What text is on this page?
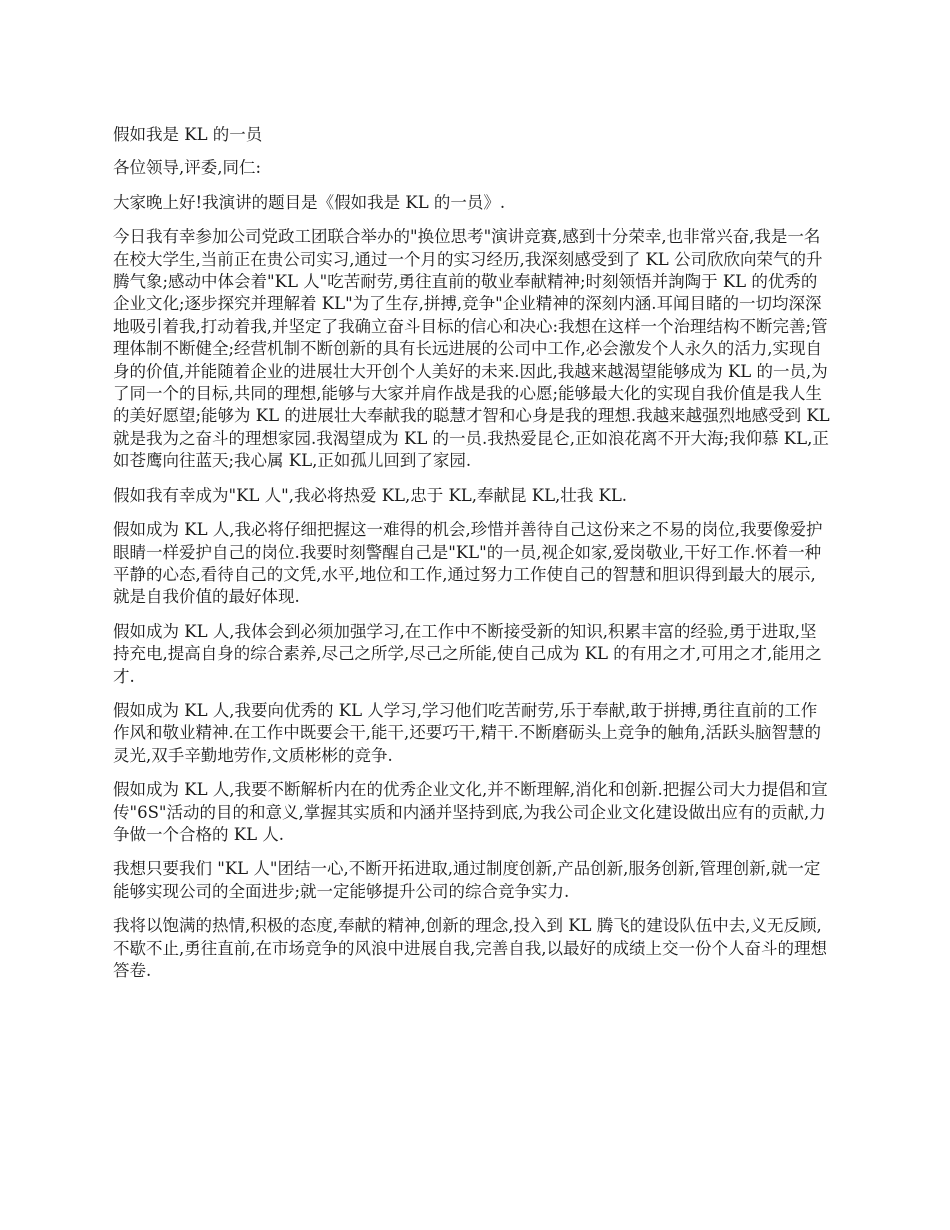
假如我是 KL 的一员

各位领导,评委,同仁:

大家晚上好!我演讲的题目是《假如我是 KL 的一员》.

今日我有幸参加公司党政工团联合举办的"换位思考"演讲竞赛,感到十分荣幸,也非常兴奋,我是一名在校大学生,当前正在贵公司实习,通过一个月的实习经历,我深刻感受到了 KL 公司欣欣向荣气的升腾气象;感动中体会着"KL 人"吃苦耐劳,勇往直前的敬业奉献精神;时刻领悟并詢陶于 KL 的优秀的企业文化;逐步探究并理解着 KL"为了生存,拼搏,竞争"企业精神的深刻内涵.耳闻目睹的一切均深深地吸引着我,打动着我,并坚定了我确立奋斗目标的信心和决心:我想在这样一个治理结构不断完善;管理体制不断健全;经营机制不断创新的具有长远进展的公司中工作,必会激发个人永久的活力,实现自身的价值,并能随着企业的进展壮大开创个人美好的未来.因此,我越来越渴望能够成为 KL 的一员,为了同一个的目标,共同的理想,能够与大家并肩作战是我的心愿;能够最大化的实现自我价值是我人生的美好愿望;能够为 KL 的进展壮大奉献我的聪慧才智和心身是我的理想.我越来越强烈地感受到 KL 就是我为之奋斗的理想家园.我渴望成为 KL 的一员.我热爱昆仑,正如浪花离不开大海;我仰慕 KL,正如苍鹰向往蓝天;我心属 KL,正如孤儿回到了家园.

假如我有幸成为"KL 人",我必将热爱 KL,忠于 KL,奉献昆 KL,壮我 KL.

假如成为 KL 人,我必将仔细把握这一难得的机会,珍惜并善待自己这份来之不易的岗位,我要像爱护眼睛一样爱护自己的岗位.我要时刻警醒自己是"KL"的一员,视企如家,爱岗敬业,干好工作.怀着一种平静的心态,看待自己的文凭,水平,地位和工作,通过努力工作使自己的智慧和胆识得到最大的展示,就是自我价值的最好体现.

假如成为 KL 人,我体会到必须加强学习,在工作中不断接受新的知识,积累丰富的经验,勇于进取,坚持充电,提高自身的综合素养,尽己之所学,尽己之所能,使自己成为 KL 的有用之才,可用之才,能用之才.

假如成为 KL 人,我要向优秀的 KL 人学习,学习他们吃苦耐劳,乐于奉献,敢于拼搏,勇往直前的工作作风和敬业精神.在工作中既要会干,能干,还要巧干,精干.不断磨砺头上竞争的触角,活跃头脑智慧的灵光,双手辛勤地劳作,文质彬彬的竞争.

假如成为 KL 人,我要不断解析内在的优秀企业文化,并不断理解,消化和创新.把握公司大力提倡和宣传"6S"活动的目的和意义,掌握其实质和内涵并坚持到底,为我公司企业文化建设做出应有的贡献,力争做一个合格的 KL 人.

我想只要我们 "KL 人"团结一心,不断开拓进取,通过制度创新,产品创新,服务创新,管理创新,就一定能够实现公司的全面进步;就一定能够提升公司的综合竞争实力.

我将以饱满的热情,积极的态度,奉献的精神,创新的理念,投入到 KL 腾飞的建设队伍中去,义无反顾,不歇不止,勇往直前,在市场竞争的风浪中进展自我,完善自我,以最好的成绩上交一份个人奋斗的理想答卷.
